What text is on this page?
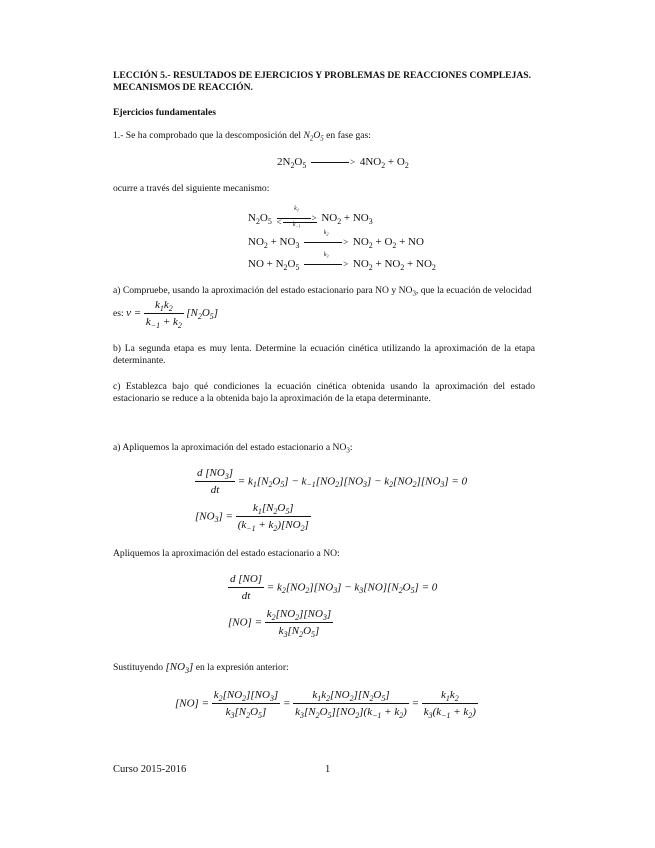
LECCIÓN 5.- RESULTADOS DE EJERCICIOS Y PROBLEMAS DE REACCIONES COMPLEJAS.
MECANISMOS DE REACCIÓN.
Ejercicios fundamentales
1.- Se ha comprobado que la descomposición del $N_2O_5$ en fase gas:
$2N_2O_5$	> $4NO_2 + O_2$
ocurre a través del siguiente mecanismo:
$N_2O_5$
$k_1$
>
<	$k_{-1}$
$NO_2 + NO_3$
$NO_2 + NO_3$
$k_2$
> $NO_2 + O_2$ + NO
NO + $N_2O_5$
$k_3$
> $NO_2 + NO_2 + NO_2$
a) Compruebe, usando la aproximación del estado estacionario para NO y $NO_3$, que la ecuación de velocidad
es: $v = \frac{k_1k_2}{k_{-1} + k_2} [N_2O_5]$
b) La segunda etapa es muy lenta. Determine la ecuación cinética utilizando la aproximación de la etapa determinante.
c) Establezca bajo qué condiciones la ecuación cinética obtenida usando la aproximación del estado estacionario se reduce a la obtenida bajo la aproximación de la etapa determinante.
a) Apliquemos la aproximación del estado estacionario a $NO_3$:
$\frac{d [NO_3]}{dt} = k_1[N_2O_5] - k_{-1}[NO_2][NO_3] - k_2[NO_2][NO_3] = 0$
$[NO_3] = \frac{k_1[N_2O_5]}{(k_{-1} + k_2)[NO_2]}$
Apliquemos la aproximación del estado estacionario a NO:
$\frac{d [NO]}{dt} = k_2[NO_2][NO_3] - k_3[NO][N_2O_5] = 0$
$[NO] = \frac{k_2[NO_2][NO_3]}{k_3[N_2O_5]}$
Sustituyendo $[NO_3]$ en la expresión anterior:
$[NO] = \frac{k_2[NO_2][NO_3]}{k_3[N_2O_5]} = \frac{k_1k_2[NO_2][N_2O_5]}{k_3[N_2O_5][NO_2](k_{-1} + k_2)} = \frac{k_1k_2}{k_3(k_{-1} + k_2)}$
Curso 2015-2016	1
